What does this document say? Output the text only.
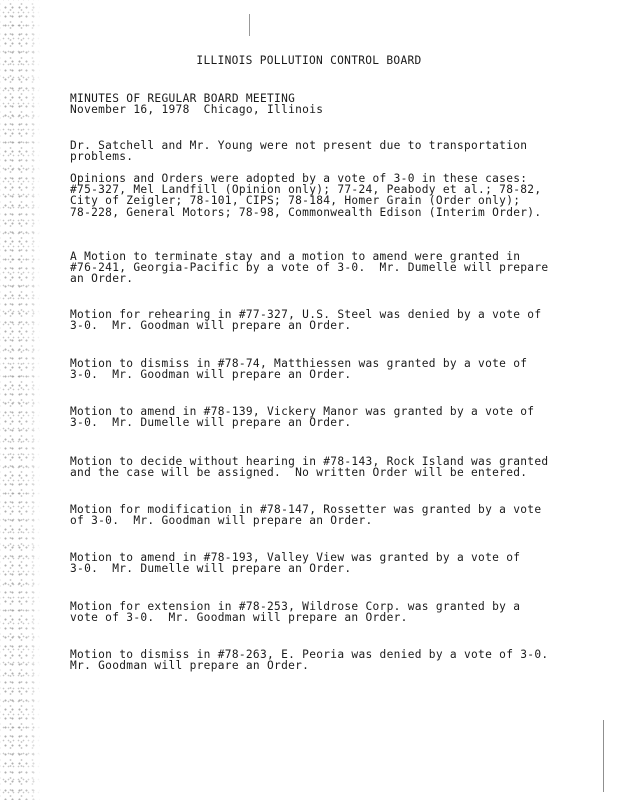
ILLINOIS POLLUTION CONTROL BOARD
MINUTES OF REGULAR BOARD MEETING
November 16, 1978  Chicago, Illinois
Dr. Satchell and Mr. Young were not present due to transportation
problems.
Opinions and Orders were adopted by a vote of 3-0 in these cases:
#75-327, Mel Landfill (Opinion only); 77-24, Peabody et al.; 78-82,
City of Zeigler; 78-101, CIPS; 78-184, Homer Grain (Order only);
78-228, General Motors; 78-98, Commonwealth Edison (Interim Order).
A Motion to terminate stay and a motion to amend were granted in
#76-241, Georgia-Pacific by a vote of 3-0.  Mr. Dumelle will prepare
an Order.
Motion for rehearing in #77-327, U.S. Steel was denied by a vote of
3-0.  Mr. Goodman will prepare an Order.
Motion to dismiss in #78-74, Matthiessen was granted by a vote of
3-0.  Mr. Goodman will prepare an Order.
Motion to amend in #78-139, Vickery Manor was granted by a vote of
3-0.  Mr. Dumelle will prepare an Order.
Motion to decide without hearing in #78-143, Rock Island was granted
and the case will be assigned.  No written Order will be entered.
Motion for modification in #78-147, Rossetter was granted by a vote
of 3-0.  Mr. Goodman will prepare an Order.
Motion to amend in #78-193, Valley View was granted by a vote of
3-0.  Mr. Dumelle will prepare an Order.
Motion for extension in #78-253, Wildrose Corp. was granted by a
vote of 3-0.  Mr. Goodman will prepare an Order.
Motion to dismiss in #78-263, E. Peoria was denied by a vote of 3-0.
Mr. Goodman will prepare an Order.
